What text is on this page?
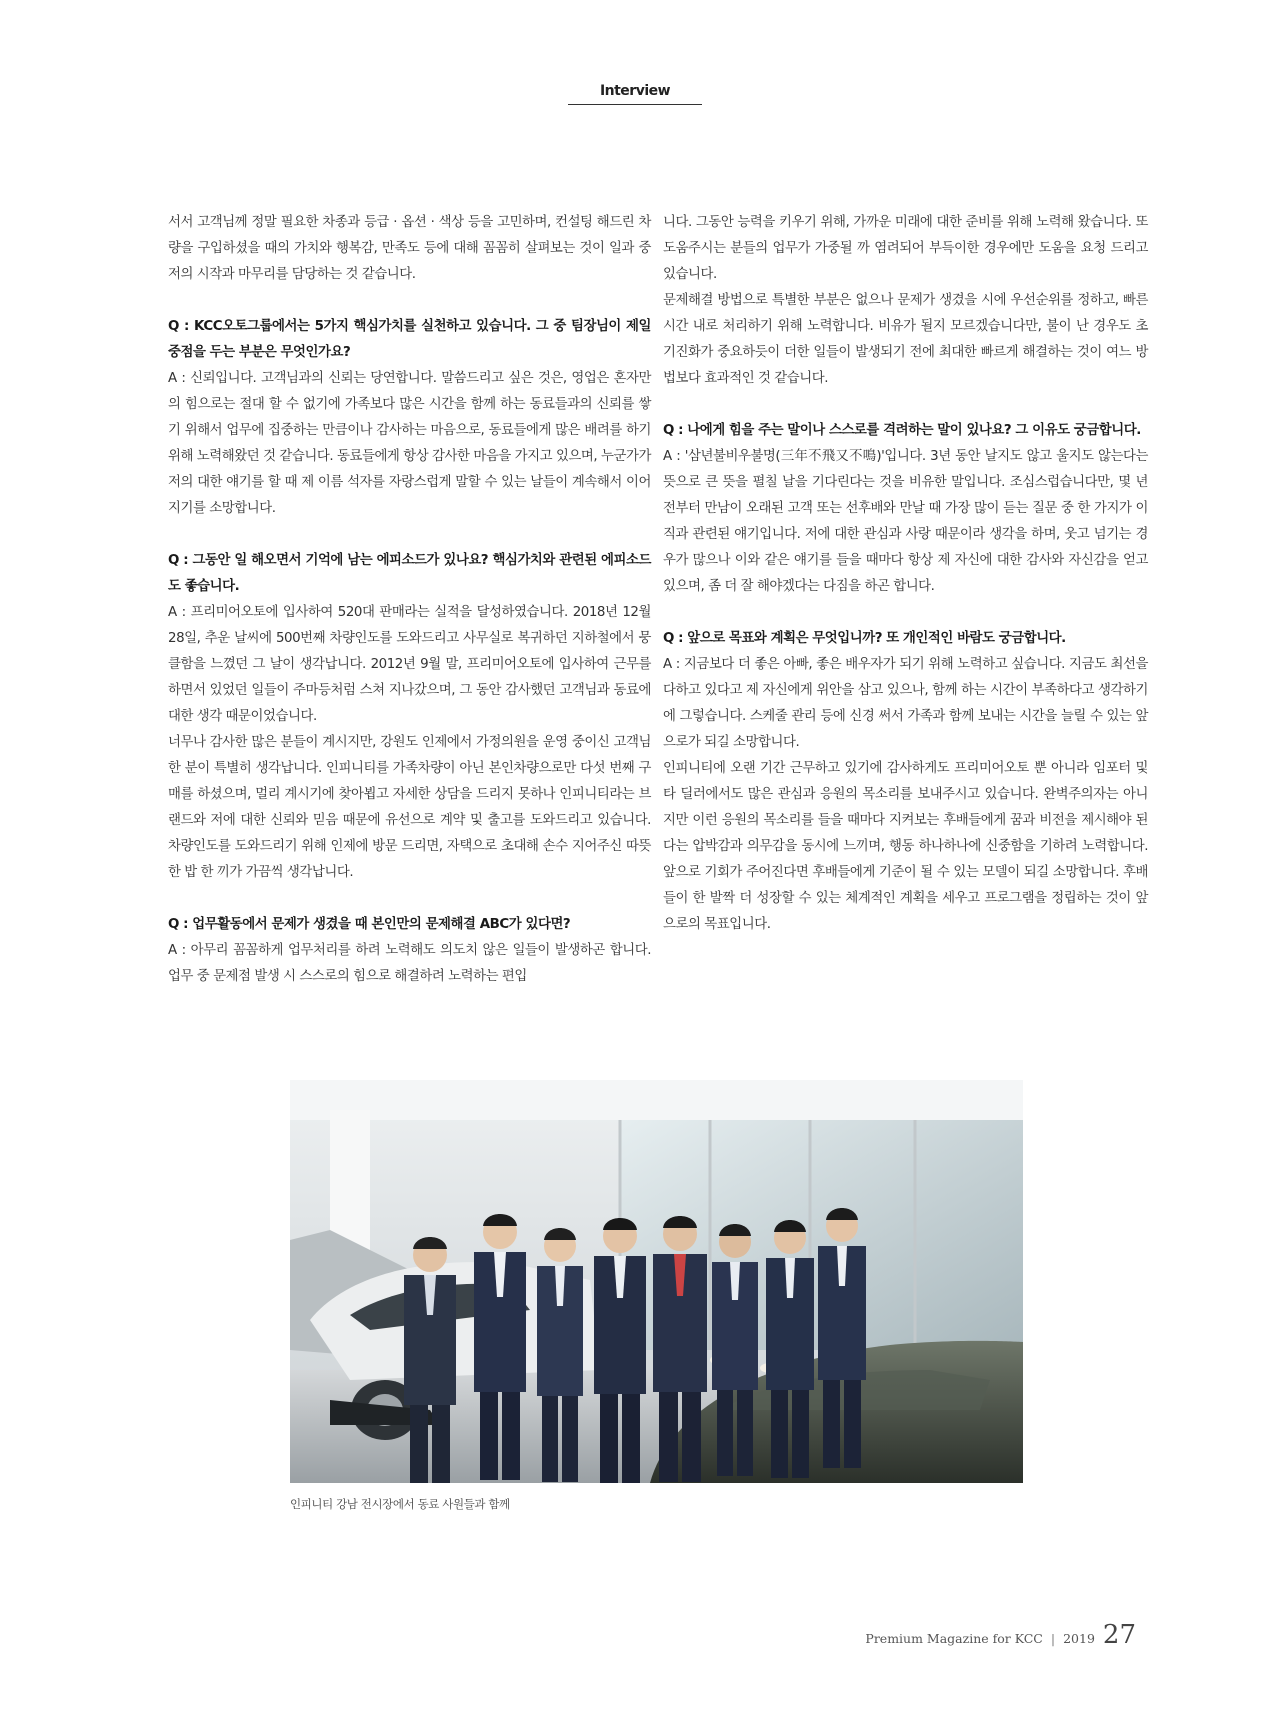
Interview

서서 고객님께 정말 필요한 차종과 등급 · 옵션 · 색상 등을 고민하며, 컨설팅 해드린 차량을 구입하셨을 때의 가치와 행복감, 만족도 등에 대해 꼼꼼히 살펴보는 것이 일과 중 저의 시작과 마무리를 담당하는 것 같습니다.

Q : KCC오토그룹에서는 5가지 핵심가치를 실천하고 있습니다. 그 중 팀장님이 제일 중점을 두는 부분은 무엇인가요?

A : 신뢰입니다. 고객님과의 신뢰는 당연합니다. 말씀드리고 싶은 것은, 영업은 혼자만의 힘으로는 절대 할 수 없기에 가족보다 많은 시간을 함께 하는 동료들과의 신뢰를 쌓기 위해서 업무에 집중하는 만큼이나 감사하는 마음으로, 동료들에게 많은 배려를 하기 위해 노력해왔던 것 같습니다. 동료들에게 항상 감사한 마음을 가지고 있으며, 누군가가 저의 대한 얘기를 할 때 제 이름 석자를 자랑스럽게 말할 수 있는 날들이 계속해서 이어지기를 소망합니다.

Q : 그동안 일 해오면서 기억에 남는 에피소드가 있나요? 핵심가치와 관련된 에피소드도 좋습니다.

A : 프리미어오토에 입사하여 520대 판매라는 실적을 달성하였습니다. 2018년 12월 28일, 추운 날씨에 500번째 차량인도를 도와드리고 사무실로 복귀하던 지하철에서 뭉클함을 느꼈던 그 날이 생각납니다. 2012년 9월 말, 프리미어오토에 입사하여 근무를 하면서 있었던 일들이 주마등처럼 스쳐 지나갔으며, 그 동안 감사했던 고객님과 동료에 대한 생각 때문이었습니다.

너무나 감사한 많은 분들이 계시지만, 강원도 인제에서 가정의원을 운영 중이신 고객님 한 분이 특별히 생각납니다. 인피니티를 가족차량이 아닌 본인차량으로만 다섯 번째 구매를 하셨으며, 멀리 계시기에 찾아뵙고 자세한 상담을 드리지 못하나 인피니티라는 브랜드와 저에 대한 신뢰와 믿음 때문에 유선으로 계약 및 출고를 도와드리고 있습니다. 차량인도를 도와드리기 위해 인제에 방문 드리면, 자택으로 초대해 손수 지어주신 따뜻한 밥 한 끼가 가끔씩 생각납니다.

Q : 업무활동에서 문제가 생겼을 때 본인만의 문제해결 ABC가 있다면?

A : 아무리 꼼꼼하게 업무처리를 하려 노력해도 의도치 않은 일들이 발생하곤 합니다. 업무 중 문제점 발생 시 스스로의 힘으로 해결하려 노력하는 편입

니다. 그동안 능력을 키우기 위해, 가까운 미래에 대한 준비를 위해 노력해 왔습니다. 또 도움주시는 분들의 업무가 가중될 까 염려되어 부득이한 경우에만 도움을 요청 드리고 있습니다.

문제해결 방법으로 특별한 부분은 없으나 문제가 생겼을 시에 우선순위를 정하고, 빠른 시간 내로 처리하기 위해 노력합니다. 비유가 될지 모르겠습니다만, 불이 난 경우도 초기진화가 중요하듯이 더한 일들이 발생되기 전에 최대한 빠르게 해결하는 것이 여느 방법보다 효과적인 것 같습니다.

Q : 나에게 힘을 주는 말이나 스스로를 격려하는 말이 있나요? 그 이유도 궁금합니다.

A : '삼년불비우불명(三年不飛又不鳴)'입니다. 3년 동안 날지도 않고 울지도 않는다는 뜻으로 큰 뜻을 펼칠 날을 기다린다는 것을 비유한 말입니다. 조심스럽습니다만, 몇 년 전부터 만남이 오래된 고객 또는 선후배와 만날 때 가장 많이 듣는 질문 중 한 가지가 이직과 관련된 얘기입니다. 저에 대한 관심과 사랑 때문이라 생각을 하며, 웃고 넘기는 경우가 많으나 이와 같은 얘기를 들을 때마다 항상 제 자신에 대한 감사와 자신감을 얻고 있으며, 좀 더 잘 해야겠다는 다짐을 하곤 합니다.

Q : 앞으로 목표와 계획은 무엇입니까? 또 개인적인 바람도 궁금합니다.

A : 지금보다 더 좋은 아빠, 좋은 배우자가 되기 위해 노력하고 싶습니다. 지금도 최선을 다하고 있다고 제 자신에게 위안을 삼고 있으나, 함께 하는 시간이 부족하다고 생각하기에 그렇습니다. 스케줄 관리 등에 신경 써서 가족과 함께 보내는 시간을 늘릴 수 있는 앞으로가 되길 소망합니다.

인피니티에 오랜 기간 근무하고 있기에 감사하게도 프리미어오토 뿐 아니라 임포터 및 타 딜러에서도 많은 관심과 응원의 목소리를 보내주시고 있습니다. 완벽주의자는 아니지만 이런 응원의 목소리를 들을 때마다 지켜보는 후배들에게 꿈과 비전을 제시해야 된다는 압박감과 의무감을 동시에 느끼며, 행동 하나하나에 신중함을 기하려 노력합니다. 앞으로 기회가 주어진다면 후배들에게 기준이 될 수 있는 모델이 되길 소망합니다. 후배들이 한 발짝 더 성장할 수 있는 체계적인 계획을 세우고 프로그램을 정립하는 것이 앞으로의 목표입니다.

인피니티 강남 전시장에서 동료 사원들과 함께
Premium Magazine for KCC | 2019 27
